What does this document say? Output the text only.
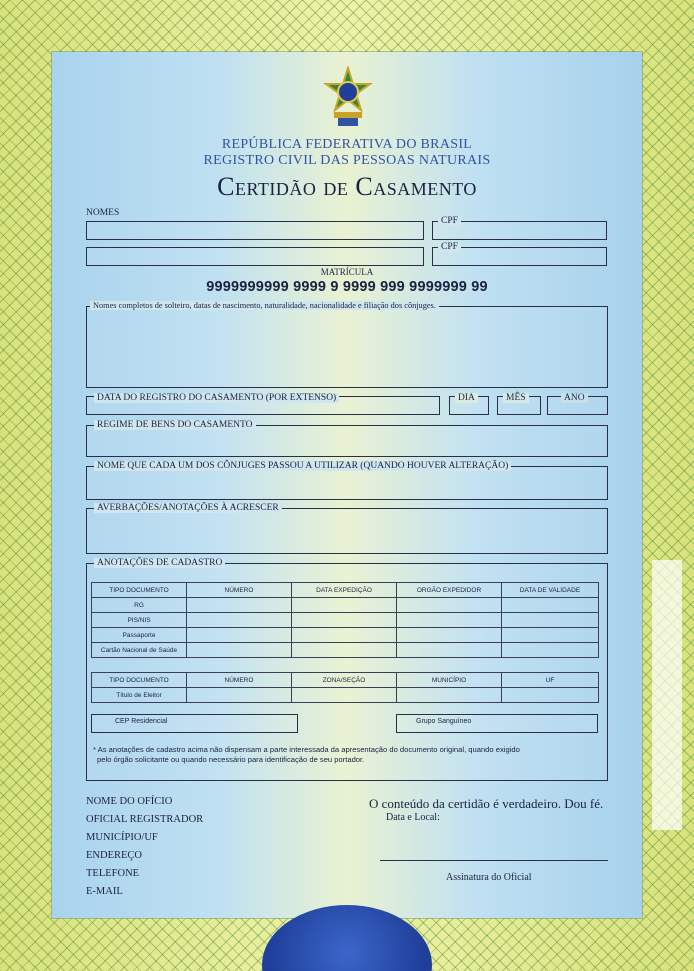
REPÚBLICA FEDERATIVA DO BRASIL
REGISTRO CIVIL DAS PESSOAS NATURAIS
Certidão de Casamento
NOMES
CPF
CPF
MATRÍCULA
9999999999 9999 9 9999 999 9999999 99
Nomes completos de solteiro, datas de nascimento, naturalidade, nacionalidade e filiação dos cônjuges.
DATA DO REGISTRO DO CASAMENTO (POR EXTENSO)	DIA	MÊS	ANO
REGIME DE BENS DO CASAMENTO
NOME QUE CADA UM DOS CÔNJUGES PASSOU A UTILIZAR (QUANDO HOUVER ALTERAÇÃO)
AVERBAÇÕES/ANOTAÇÕES À ACRESCER
ANOTAÇÕES DE CADASTRO
TIPO DOCUMENTO	NÚMERO	DATA EXPEDIÇÃO	ORGÃO EXPEDIDOR	DATA DE VALIDADE
RG				
PIS/NIS				
Passaporte				
Cartão Nacional de Saúde				
TIPO DOCUMENTO	NÚMERO	ZONA/SEÇÃO	MUNICÍPIO	UF
Título de Eleitor				
CEP Residencial	Grupo Sanguíneo
* As anotações de cadastro acima não dispensam a parte interessada da apresentação do documento original, quando exigido
pelo órgão solicitante ou quando necessário para identificação de seu portador.
NOME DO OFÍCIO
OFICIAL REGISTRADOR
MUNICÍPIO/UF
ENDEREÇO
TELEFONE
E-MAIL
O conteúdo da certidão é verdadeiro. Dou fé.
Data e Local:
Assinatura do Oficial
